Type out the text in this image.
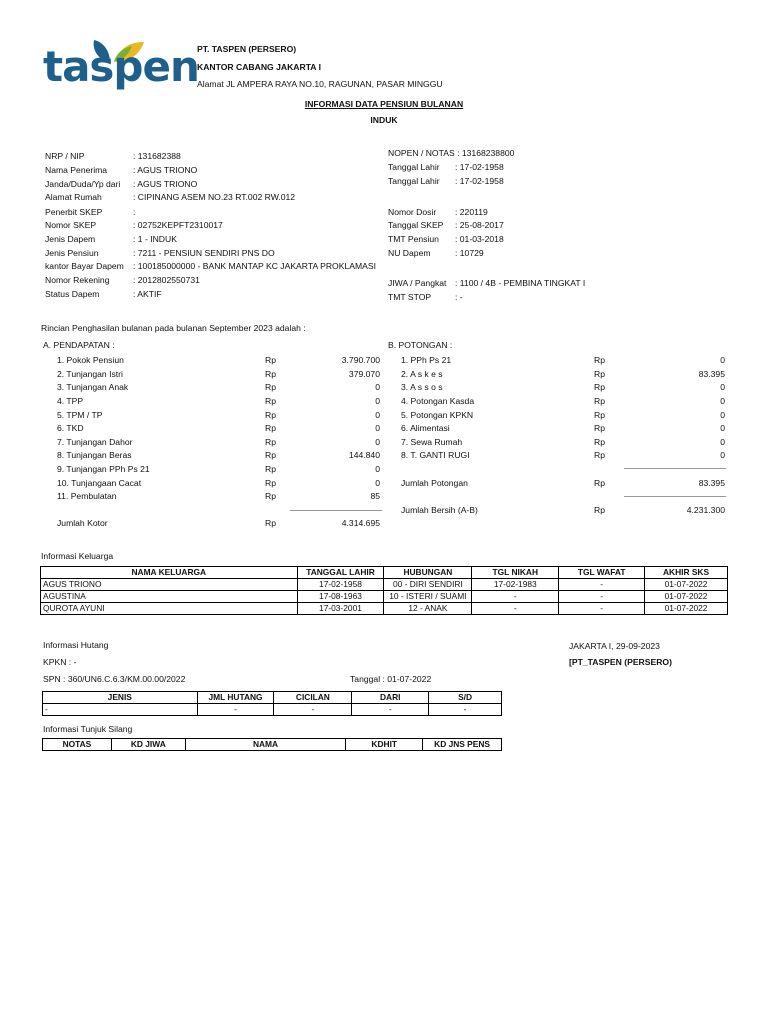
taspen
PT. TASPEN (PERSERO)
KANTOR CABANG JAKARTA I
Alamat JL AMPERA RAYA NO.10, RAGUNAN, PASAR MINGGU
INFORMASI DATA PENSIUN BULANAN
INDUK
NRP / NIP	: 131682388
Nama Penerima	: AGUS TRIONO
Janda/Duda/Yp dari : AGUS TRIONO
Alamat Rumah	: CIPINANG ASEM NO.23 RT.002 RW.012
Penerbit SKEP	:
Nomor SKEP	: 02752KEPFT2310017
Jenis Dapem	: 1 - INDUK
Jenis Pensiun	: 7211 - PENSIUN SENDIRI PNS DO
kantor Bayar Dapem : 100185000000 - BANK MANTAP KC JAKARTA PROKLAMASI
Nomor Rekening	: 2012802550731
Status Dapem	: AKTIF
NOPEN / NOTAS : 13168238800
Tanggal Lahir : 17-02-1958
Tanggal Lahir : 17-02-1958
Nomor Dosir : 220119
Tanggal SKEP : 25-08-2017
TMT Pensiun : 01-03-2018
NU Dapem	: 10729
JIWA / Pangkat : 1100 / 4B - PEMBINA TINGKAT I
TMT STOP	: -
Rincian Penghasilan bulanan pada bulanan September 2023 adalah :
A. PENDAPATAN :
1. Pokok Pensiun	Rp	3.790.700
2. Tunjangan Istri	Rp	379.070
3. Tunjangan Anak	Rp	0
4. TPP	Rp	0
5. TPM / TP	Rp	0
6. TKD	Rp	0
7. Tunjangan Dahor	Rp	0
8. Tunjangan Beras	Rp	144.840
9. Tunjangan PPh Ps 21	Rp	0
10. Tunjangaan Cacat	Rp	0
11. Pembulatan	Rp	85
Jumlah Kotor	Rp	4.314.695
B. POTONGAN :
1. PPh Ps 21	Rp	0
2. A s k e s	Rp	83.395
3. A s s o s	Rp	0
4. Potongan Kasda	Rp	0
5. Potongan KPKN	Rp	0
6. Alimentasi	Rp	0
7. Sewa Rumah	Rp	0
8. T. GANTI RUGI	Rp	0
Jumlah Potongan	Rp	83.395
Jumlah Bersih (A-B)	Rp	4.231.300
Informasi Keluarga
NAMA KELUARGA	TANGGAL LAHIR	HUBUNGAN	TGL NIKAH	TGL WAFAT	AKHIR SKS
AGUS TRIONO	17-02-1958	00 - DIRI SENDIRI	17-02-1983	-	01-07-2022
AGUSTINA	17-08-1963	10 - ISTERI / SUAMI	-	-	01-07-2022
QUROTA AYUNI	17-03-2001	12 - ANAK	-	-	01-07-2022
Informasi Hutang
KPKN : -
SPN : 360/UN6.C.6.3/KM.00.00/2022	Tanggal : 01-07-2022
JAKARTA I, 29-09-2023
[PT_TASPEN (PERSERO)
JENIS	JML HUTANG	CICILAN	DARI	S/D
-	-	-	-	-
Informasi Tunjuk Silang
NOTAS	KD JIWA	NAMA	KDHIT	KD JNS PENS
